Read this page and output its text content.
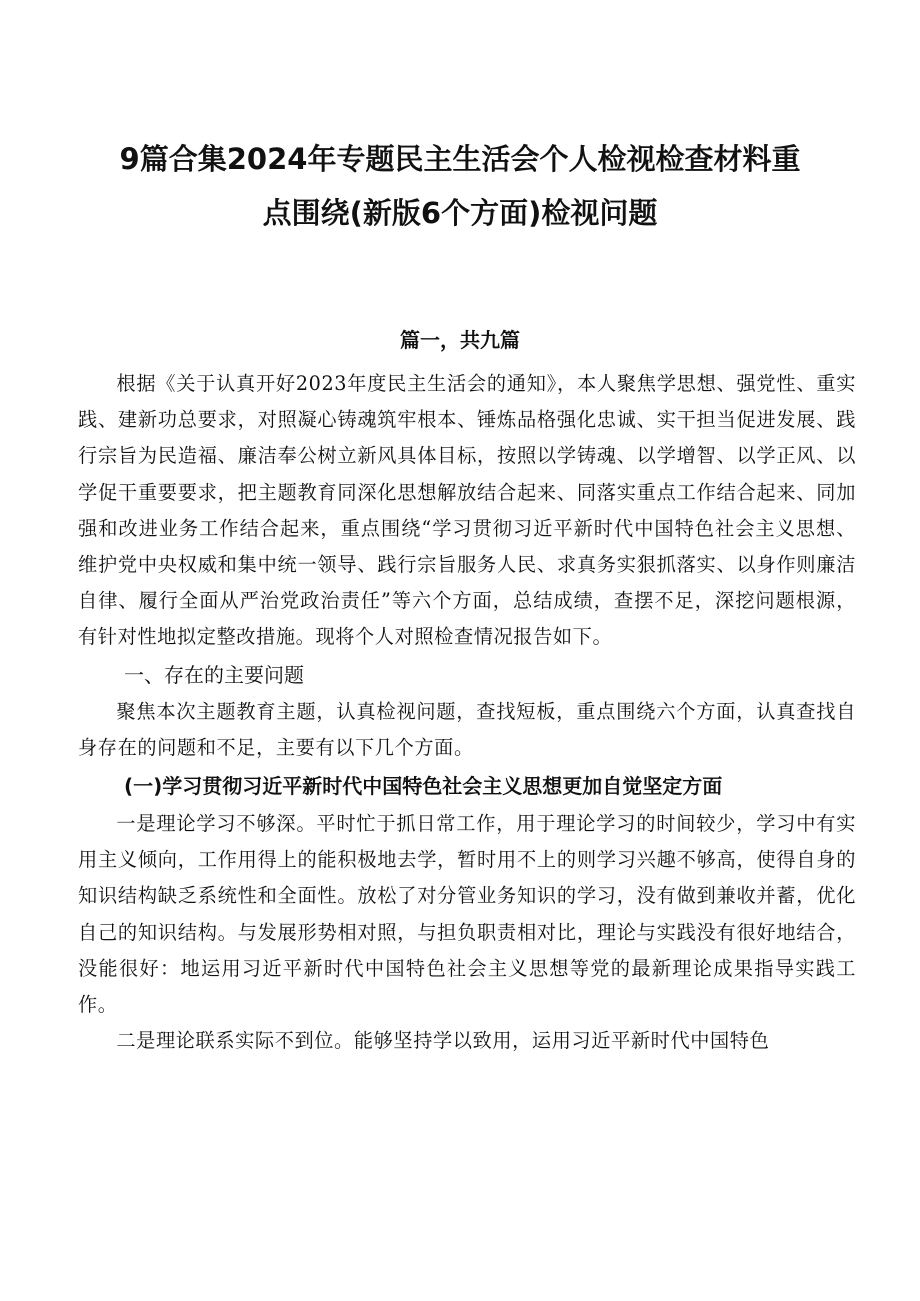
9篇合集2024年专题民主生活会个人检视检查材料重
点围绕(新版6个方面)检视问题
篇一，共九篇

根据《关于认真开好2023年度民主生活会的通知》，本人聚焦学思想、强党性、重实践、建新功总要求，对照凝心铸魂筑牢根本、锤炼品格强化忠诚、实干担当促进发展、践行宗旨为民造福、廉洁奉公树立新风具体目标，按照以学铸魂、以学增智、以学正风、以学促干重要要求，把主题教育同深化思想解放结合起来、同落实重点工作结合起来、同加强和改进业务工作结合起来，重点围绕“学习贯彻习近平新时代中国特色社会主义思想、维护党中央权威和集中统一领导、践行宗旨服务人民、求真务实狠抓落实、以身作则廉洁自律、履行全面从严治党政治责任”等六个方面，总结成绩，查摆不足，深挖问题根源，有针对性地拟定整改措施。现将个人对照检查情况报告如下。

一、存在的主要问题

聚焦本次主题教育主题，认真检视问题，查找短板，重点围绕六个方面，认真查找自身存在的问题和不足，主要有以下几个方面。

(一)学习贯彻习近平新时代中国特色社会主义思想更加自觉坚定方面

一是理论学习不够深。平时忙于抓日常工作，用于理论学习的时间较少，学习中有实用主义倾向，工作用得上的能积极地去学，暂时用不上的则学习兴趣不够高，使得自身的知识结构缺乏系统性和全面性。放松了对分管业务知识的学习，没有做到兼收并蓄，优化自己的知识结构。与发展形势相对照，与担负职责相对比，理论与实践没有很好地结合，没能很好：地运用习近平新时代中国特色社会主义思想等党的最新理论成果指导实践工作。

二是理论联系实际不到位。能够坚持学以致用，运用习近平新时代中国特色
